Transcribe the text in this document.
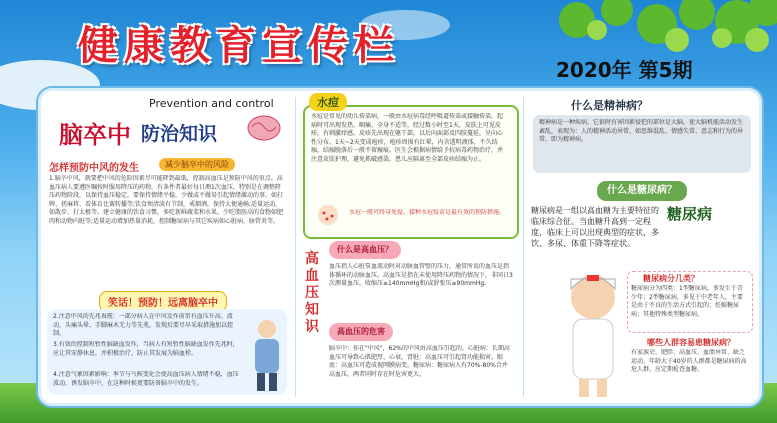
健康教育宣传栏
2020年 第5期
Prevention and control
脑卒中 防治知识
怎样预防中风的发生	减少脑卒中的风险
1.脑卒中风，就要把中风的危险因素尽可能降到最低，控制高血压是预防中风的重点。高血压病人要遵医嘱按时服用降压的药物，有条件者最好每日测1次血压，特别是在调整降压药物阶段，以保持血压稳定，要保持情绪平稳，少做或不做易引起情绪激动的事，如打牌、搓麻将、看体育比赛转播等;饮食须清淡有节制，戒烟酒，保持大便通畅;适量运动，如散步、打太极等。建立健康的饮食习惯，多吃新鲜蔬菜和水果，少吃脂肪高的食物如肥肉和动物内脏等;适量运动增加热量消耗，控制糖尿病与其它疾病如心脏病、脉管炎等。
笑话！预防！远离脑卒中
2.注意中风的先兆表现：一部分病人在中风发作前常有血压升高、波动，头痛头晕、手脚麻木无力等先兆，发现后要尽早采取措施加以控制。
3.有效的控制短暂性脑缺血发作，当病人有短暂性脑缺血发作先兆时，应让其安静休息，并积极治疗，防止其发展为脑血栓。
4.注意气象因素影响：季节与气候变化会使高血压病人情绪不稳，血压波动，诱发脑卒中，在这种时候更要防备脑卒中的发生。
水痘
水痘是常见的幼儿传染病，一般由水痘病毒经呼吸道传染或接触传染。起病时可出现发热、咽痛、全身不适等，经过数小时至1天，皮肤上可见皮疹，有刺激痒感。皮疹先出现在躯干部，以后向面部及四肢蔓延，呈向心性分布。1天~2天变成疱疹，疱疹周围有红晕，内含透明液体，不久结痂，结痂脱落后一般不留瘢痕。医生会根据病情给予抗病毒药物治疗，并注意皮肤护理，避免抓破感染。患儿应隔离至全部皮疹结痂为止。
水痘一般可终身免疫，接种水痘疫苗是最有效的预防措施。
高血压知识
什么是高血压？
血压指人心脏泵血流动时对动脉血管壁的压力。通常所说的血压是指体循环的动脉血压。高血压是指在未使用降压药物的情况下，非同日3次测量血压，收缩压≥140mmHg和/或舒张压≥90mmHg。
高血压的危害
脑卒中：你在"中风"，62%的中风由高血压引起的。心脏病：长期高血压可导致心肌肥厚、心衰。肾脏：高血压可引起肾功能损害。眼底：高血压可造成视网膜病变。糖尿病：糖尿病人有70%-80%合并高血压，两者同时存在时危害更大。
什么是精神病？
精神病是一种疾病，它俱时有害因素侵犯的部位是大脑，使大脑机能活动发生紊乱，表现为：人的精神活动异常，如思维混乱、情感失常、意志和行为的异常，即为精神病。
什么是糖尿病？
糖尿病是一组以高血糖为主要特征的临床综合征。当血糖升高到一定程度，临床上可以出现典型的症状，多饮、多尿、体重下降等症状。
糖尿病
糖尿病分几类？
糖尿病分为四类：1型糖尿病，多发生于青少年；2型糖尿病，多见于中老年人，主要是由于不良的生活方式引起的；妊娠糖尿病；其他特殊类型糖尿病。
哪些人群容易患糖尿病？
有家族史、肥胖、高血压、血脂异常、缺乏运动、年龄大于40岁的人群都是糖尿病的高危人群，应定期检查血糖。
